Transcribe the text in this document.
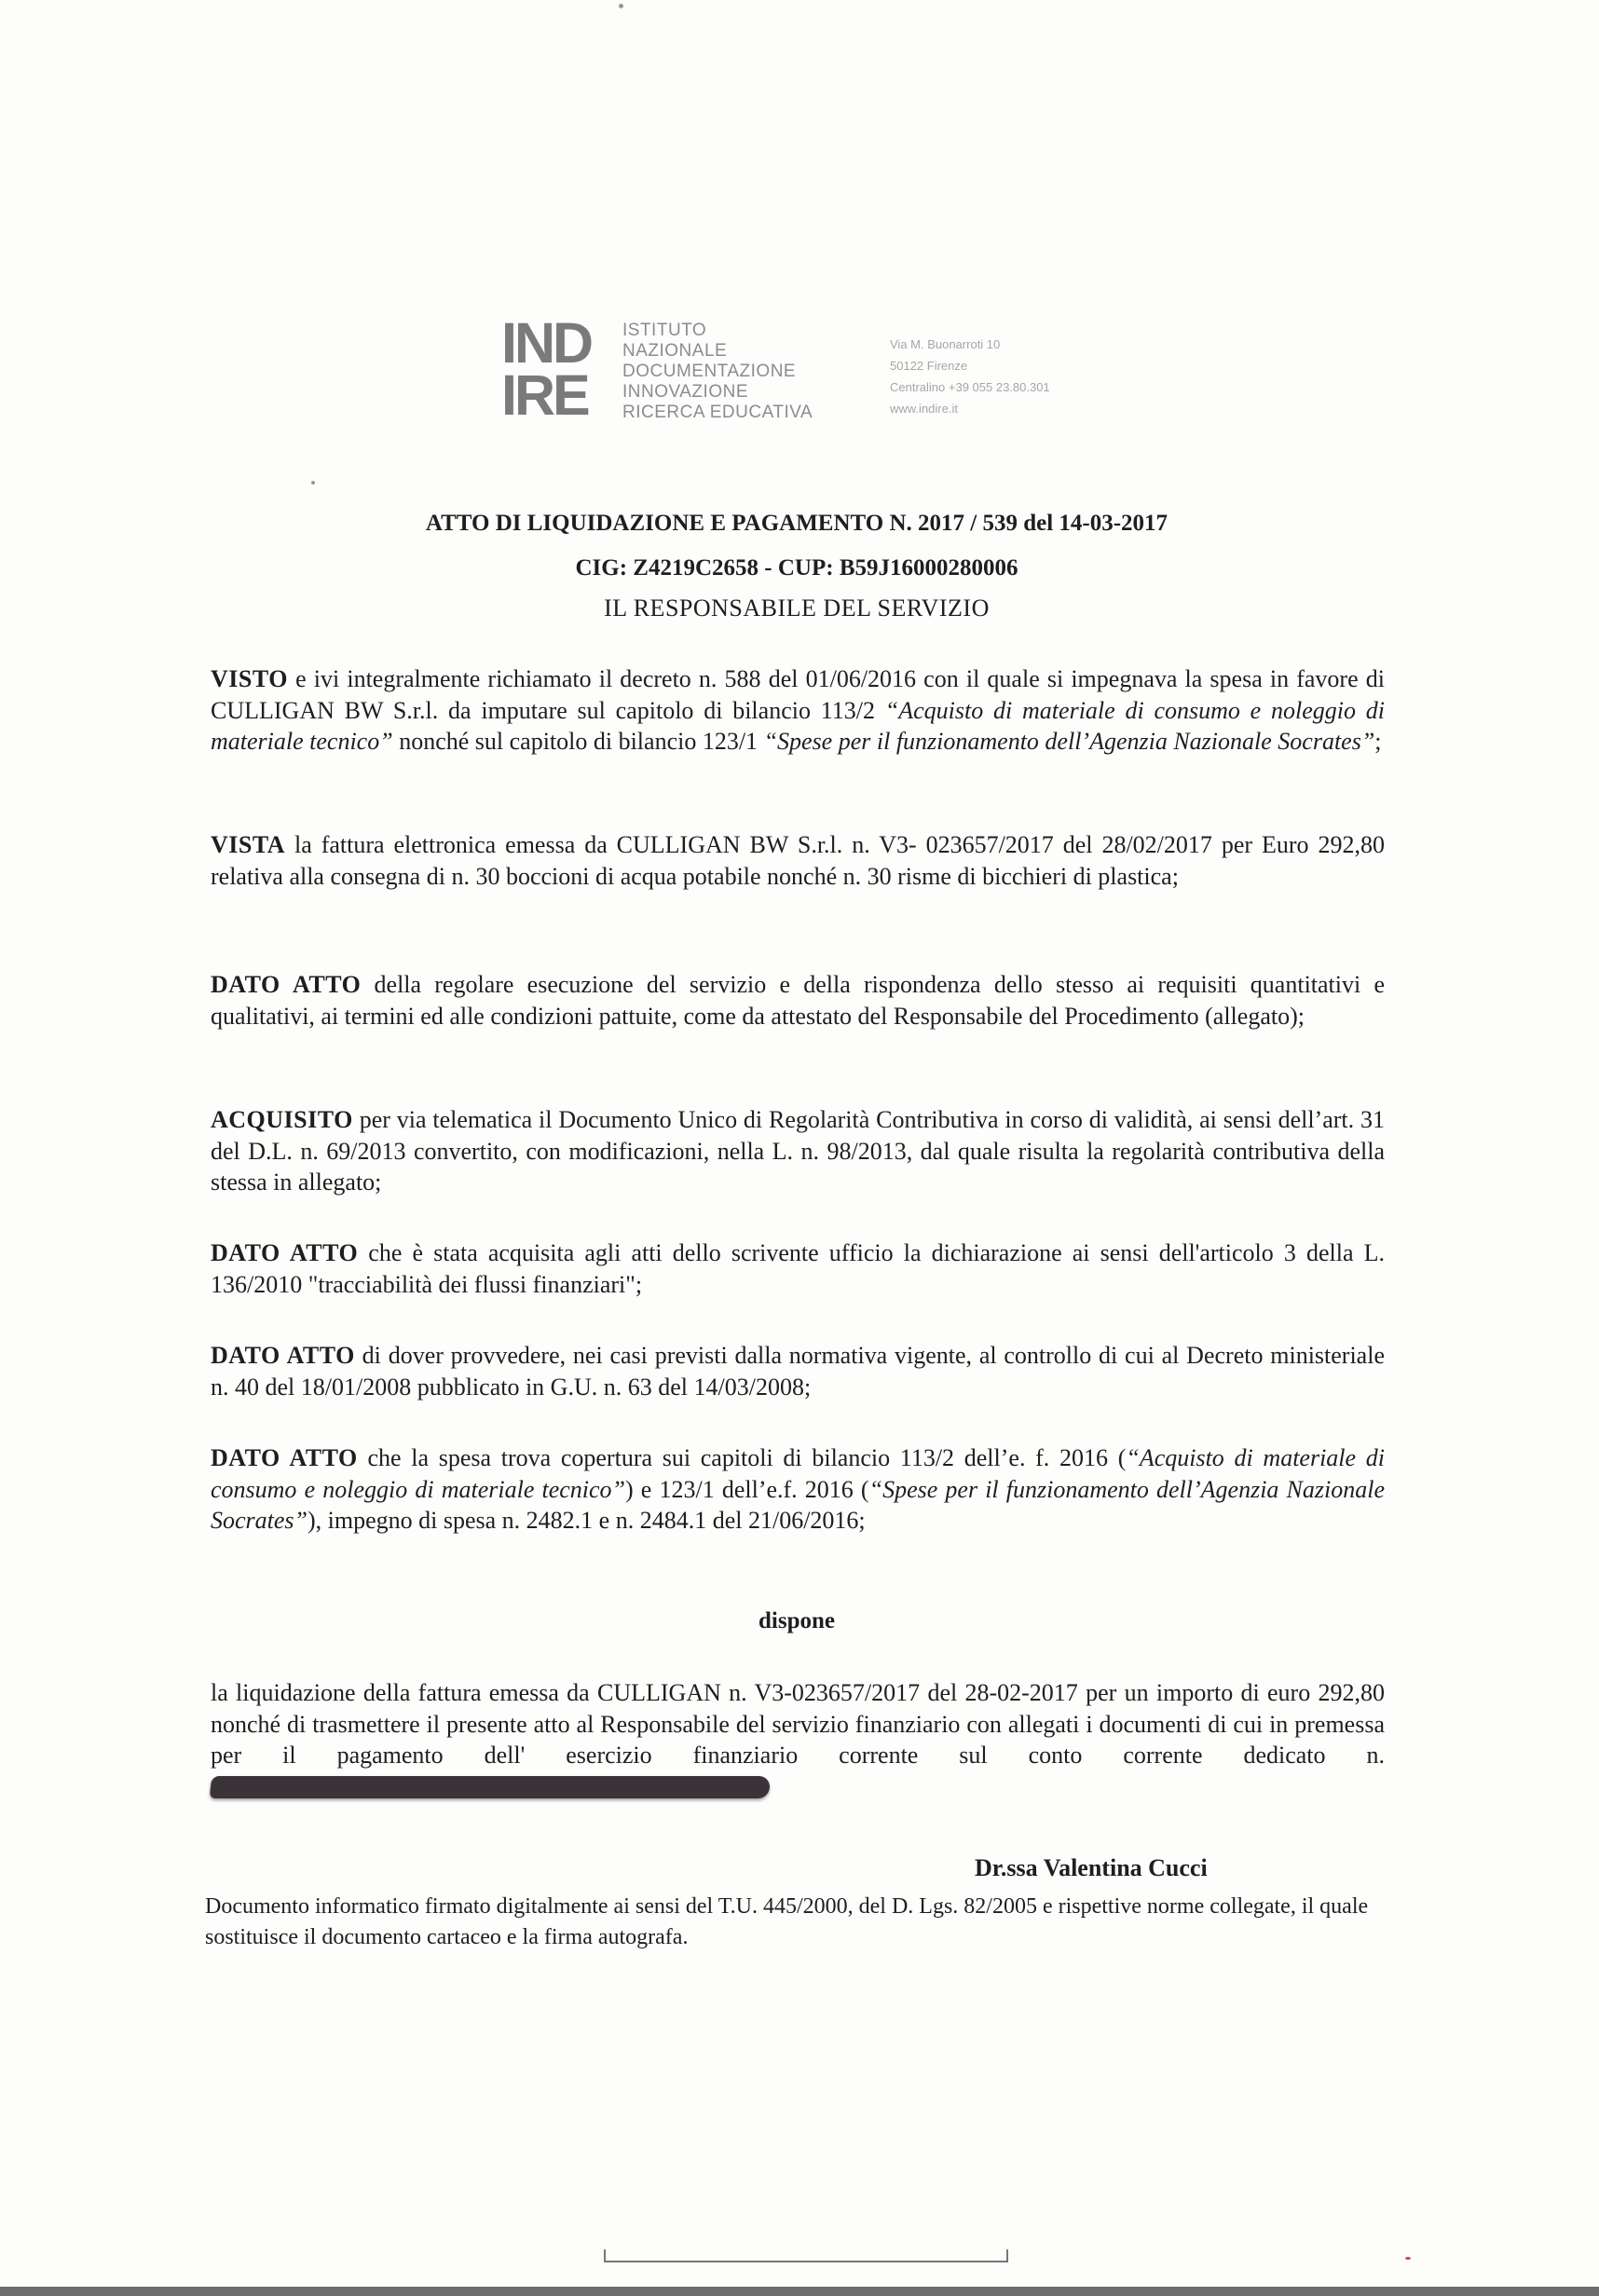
IND
IRE
ISTITUTO
NAZIONALE
DOCUMENTAZIONE
INNOVAZIONE
RICERCA EDUCATIVA
Via M. Buonarroti 10
50122 Firenze
Centralino +39 055 23.80.301
www.indire.it
ATTO DI LIQUIDAZIONE E PAGAMENTO N. 2017 / 539 del 14-03-2017
CIG: Z4219C2658 - CUP: B59J16000280006
IL RESPONSABILE DEL SERVIZIO
VISTO e ivi integralmente richiamato il decreto n. 588 del 01/06/2016 con il quale si impegnava la spesa in favore di CULLIGAN BW S.r.l. da imputare sul capitolo di bilancio 113/2 “Acquisto di materiale di consumo e noleggio di materiale tecnico” nonché sul capitolo di bilancio 123/1 “Spese per il funzionamento dell’Agenzia Nazionale Socrates”;
VISTA la fattura elettronica emessa da CULLIGAN BW S.r.l. n. V3- 023657/2017 del 28/02/2017 per Euro 292,80 relativa alla consegna di n. 30 boccioni di acqua potabile nonché n. 30 risme di bicchieri di plastica;
DATO ATTO della regolare esecuzione del servizio e della rispondenza dello stesso ai requisiti quantitativi e qualitativi, ai termini ed alle condizioni pattuite, come da attestato del Responsabile del Procedimento (allegato);
ACQUISITO per via telematica il Documento Unico di Regolarità Contributiva in corso di validità, ai sensi dell’art. 31 del D.L. n. 69/2013 convertito, con modificazioni, nella L. n. 98/2013, dal quale risulta la regolarità contributiva della stessa in allegato;
DATO ATTO che è stata acquisita agli atti dello scrivente ufficio la dichiarazione ai sensi dell'articolo 3 della L. 136/2010 "tracciabilità dei flussi finanziari";
DATO ATTO di dover provvedere, nei casi previsti dalla normativa vigente, al controllo di cui al Decreto ministeriale n. 40 del 18/01/2008 pubblicato in G.U. n. 63 del 14/03/2008;
DATO ATTO che la spesa trova copertura sui capitoli di bilancio 113/2 dell’e. f. 2016 (“Acquisto di materiale di consumo e noleggio di materiale tecnico”) e 123/1 dell’e.f. 2016 (“Spese per il funzionamento dell’Agenzia Nazionale Socrates”), impegno di spesa n. 2482.1 e n. 2484.1 del 21/06/2016;
dispone
la liquidazione della fattura emessa da CULLIGAN n. V3-023657/2017 del 28-02-2017 per un importo di euro 292,80 nonché di trasmettere il presente atto al Responsabile del servizio finanziario con allegati i documenti di cui in premessa per il pagamento dell' esercizio finanziario corrente sul conto corrente dedicato n.
Dr.ssa Valentina Cucci
Documento informatico firmato digitalmente ai sensi del T.U. 445/2000, del D. Lgs. 82/2005 e rispettive norme collegate, il quale sostituisce il documento cartaceo e la firma autografa.
